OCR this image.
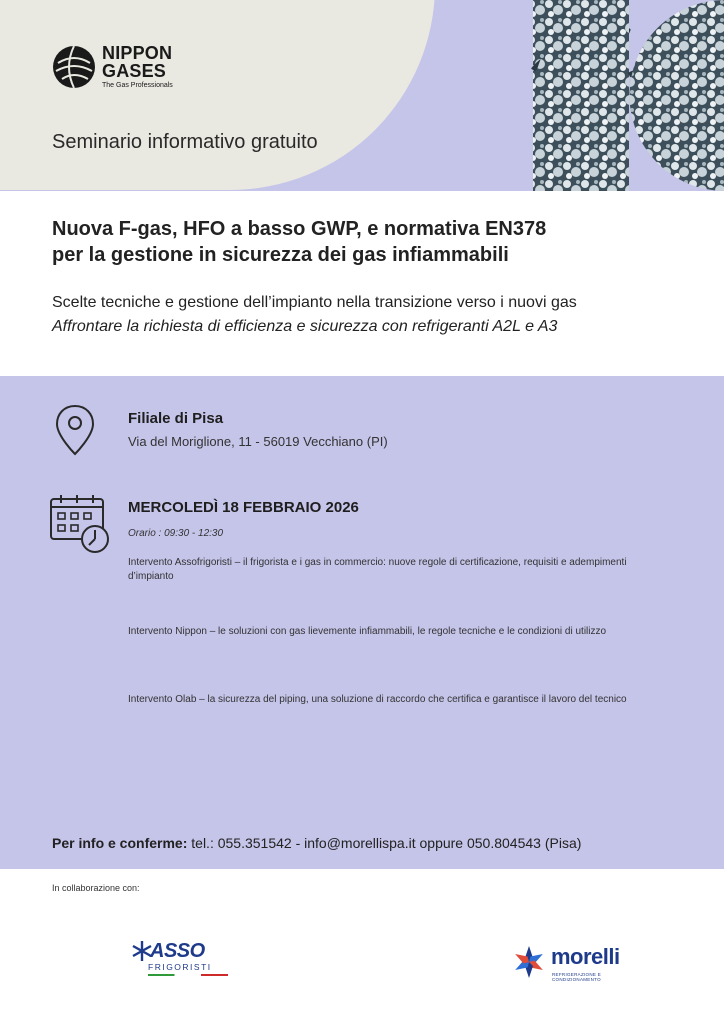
NIPPON
GASES
The Gas Professionals
Seminario informativo gratuito
Nuova F-gas, HFO a basso GWP, e normativa EN378
per la gestione in sicurezza dei gas infiammabili
Scelte tecniche e gestione dell’impianto nella transizione verso i nuovi gas
Affrontare la richiesta di efficienza e sicurezza con refrigeranti A2L e A3
Filiale di Pisa
Via del Moriglione, 11 - 56019 Vecchiano (PI)
MERCOLEDÌ 18 FEBBRAIO 2026
Orario : 09:30 - 12:30
Intervento Assofrigoristi – il frigorista e i gas in commercio: nuove regole di certificazione, requisiti e adempimenti d’impianto
Intervento Nippon – le soluzioni con gas lievemente infiammabili, le regole tecniche e le condizioni di utilizzo
Intervento Olab – la sicurezza del piping, una soluzione di raccordo che certifica e garantisce il lavoro del tecnico
Per info e conferme: tel.: 055.351542 - info@morellispa.it oppure 050.804543 (Pisa)
In collaborazione con:
ASSO
FRIGORISTI	morelli
REFRIGERAZIONE E CONDIZIONAMENTO
